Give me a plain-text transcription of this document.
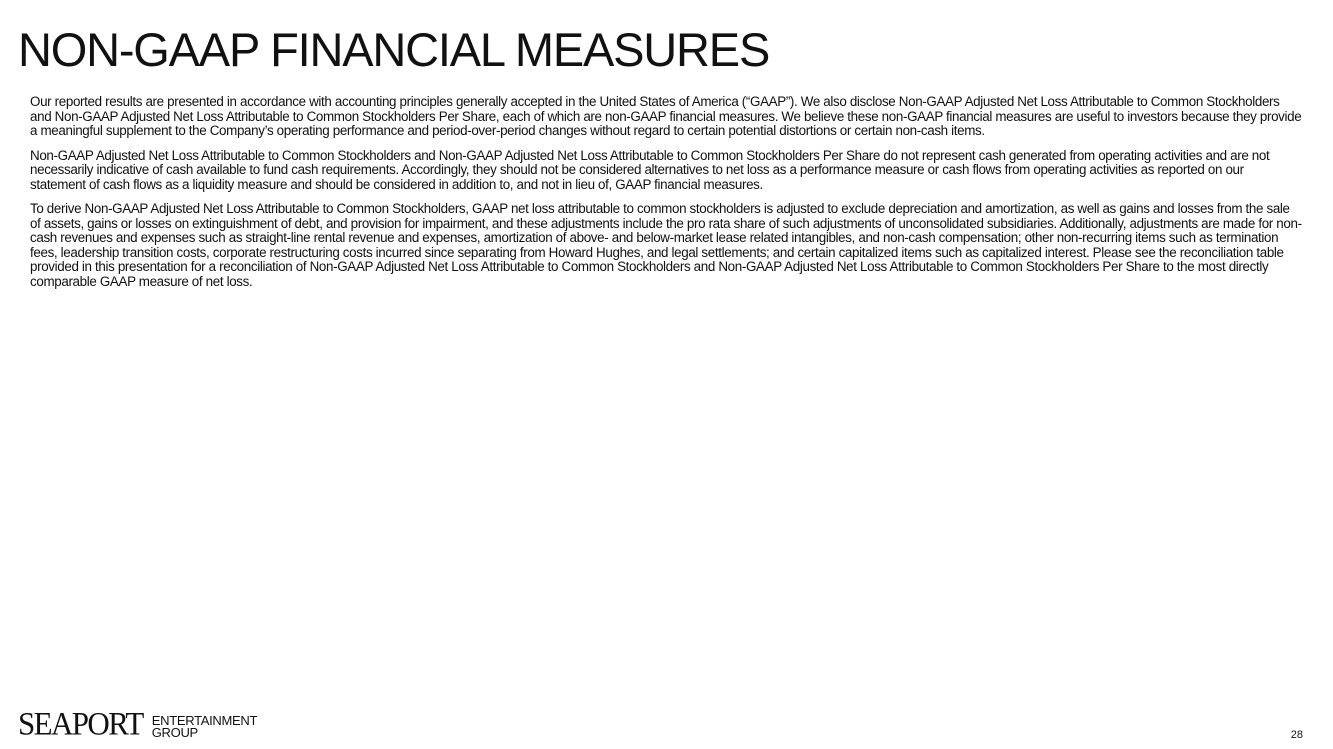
NON-GAAP FINANCIAL MEASURES

Our reported results are presented in accordance with accounting principles generally accepted in the United States of America (“GAAP”). We also disclose Non-GAAP Adjusted Net Loss Attributable to Common Stockholders and Non-GAAP Adjusted Net Loss Attributable to Common Stockholders Per Share, each of which are non-GAAP financial measures. We believe these non-GAAP financial measures are useful to investors because they provide a meaningful supplement to the Company’s operating performance and period-over-period changes without regard to certain potential distortions or certain non-cash items.

Non-GAAP Adjusted Net Loss Attributable to Common Stockholders and Non-GAAP Adjusted Net Loss Attributable to Common Stockholders Per Share do not represent cash generated from operating activities and are not necessarily indicative of cash available to fund cash requirements. Accordingly, they should not be considered alternatives to net loss as a performance measure or cash flows from operating activities as reported on our statement of cash flows as a liquidity measure and should be considered in addition to, and not in lieu of, GAAP financial measures.

To derive Non-GAAP Adjusted Net Loss Attributable to Common Stockholders, GAAP net loss attributable to common stockholders is adjusted to exclude depreciation and amortization, as well as gains and losses from the sale of assets, gains or losses on extinguishment of debt, and provision for impairment, and these adjustments include the pro rata share of such adjustments of unconsolidated subsidiaries. Additionally, adjustments are made for non-cash revenues and expenses such as straight-line rental revenue and expenses, amortization of above- and below-market lease related intangibles, and non-cash compensation; other non-recurring items such as termination fees, leadership transition costs, corporate restructuring costs incurred since separating from Howard Hughes, and legal settlements; and certain capitalized items such as capitalized interest. Please see the reconciliation table provided in this presentation for a reconciliation of Non-GAAP Adjusted Net Loss Attributable to Common Stockholders and Non-GAAP Adjusted Net Loss Attributable to Common Stockholders Per Share to the most directly comparable GAAP measure of net loss.

SEAPORT ENTERTAINMENT
GROUP	28
